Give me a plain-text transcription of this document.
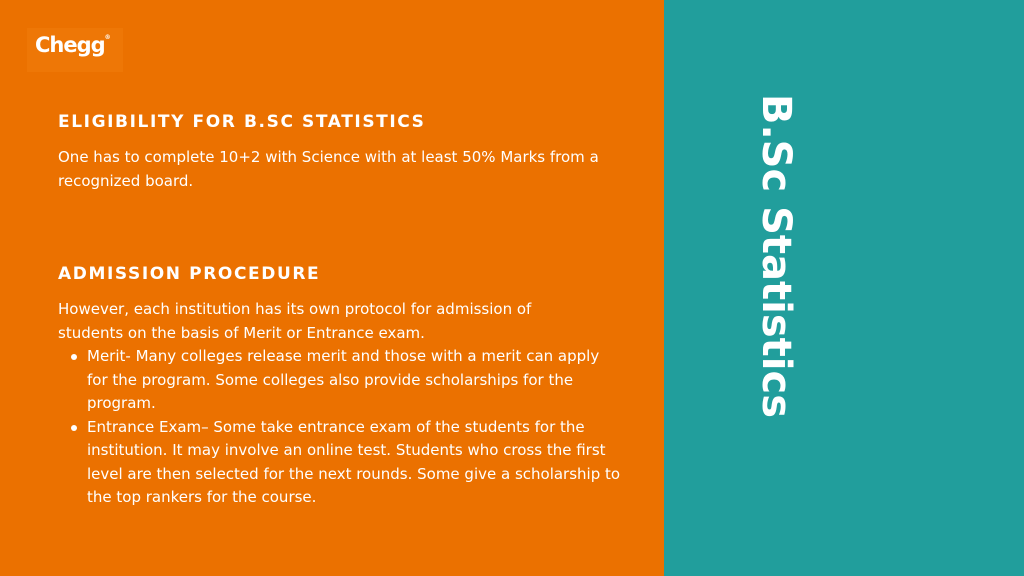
Chegg®
ELIGIBILITY FOR B.SC STATISTICS

One has to complete 10+2 with Science with at least 50% Marks from a recognized board.

ADMISSION PROCEDURE

However, each institution has its own protocol for admission of students on the basis of Merit or Entrance exam.

Merit- Many colleges release merit and those with a merit can apply for the program. Some colleges also provide scholarships for the program.
Entrance Exam– Some take entrance exam of the students for the institution. It may involve an online test. Students who cross the first level are then selected for the next rounds. Some give a scholarship to the top rankers for the course.
B.Sc Statistics
